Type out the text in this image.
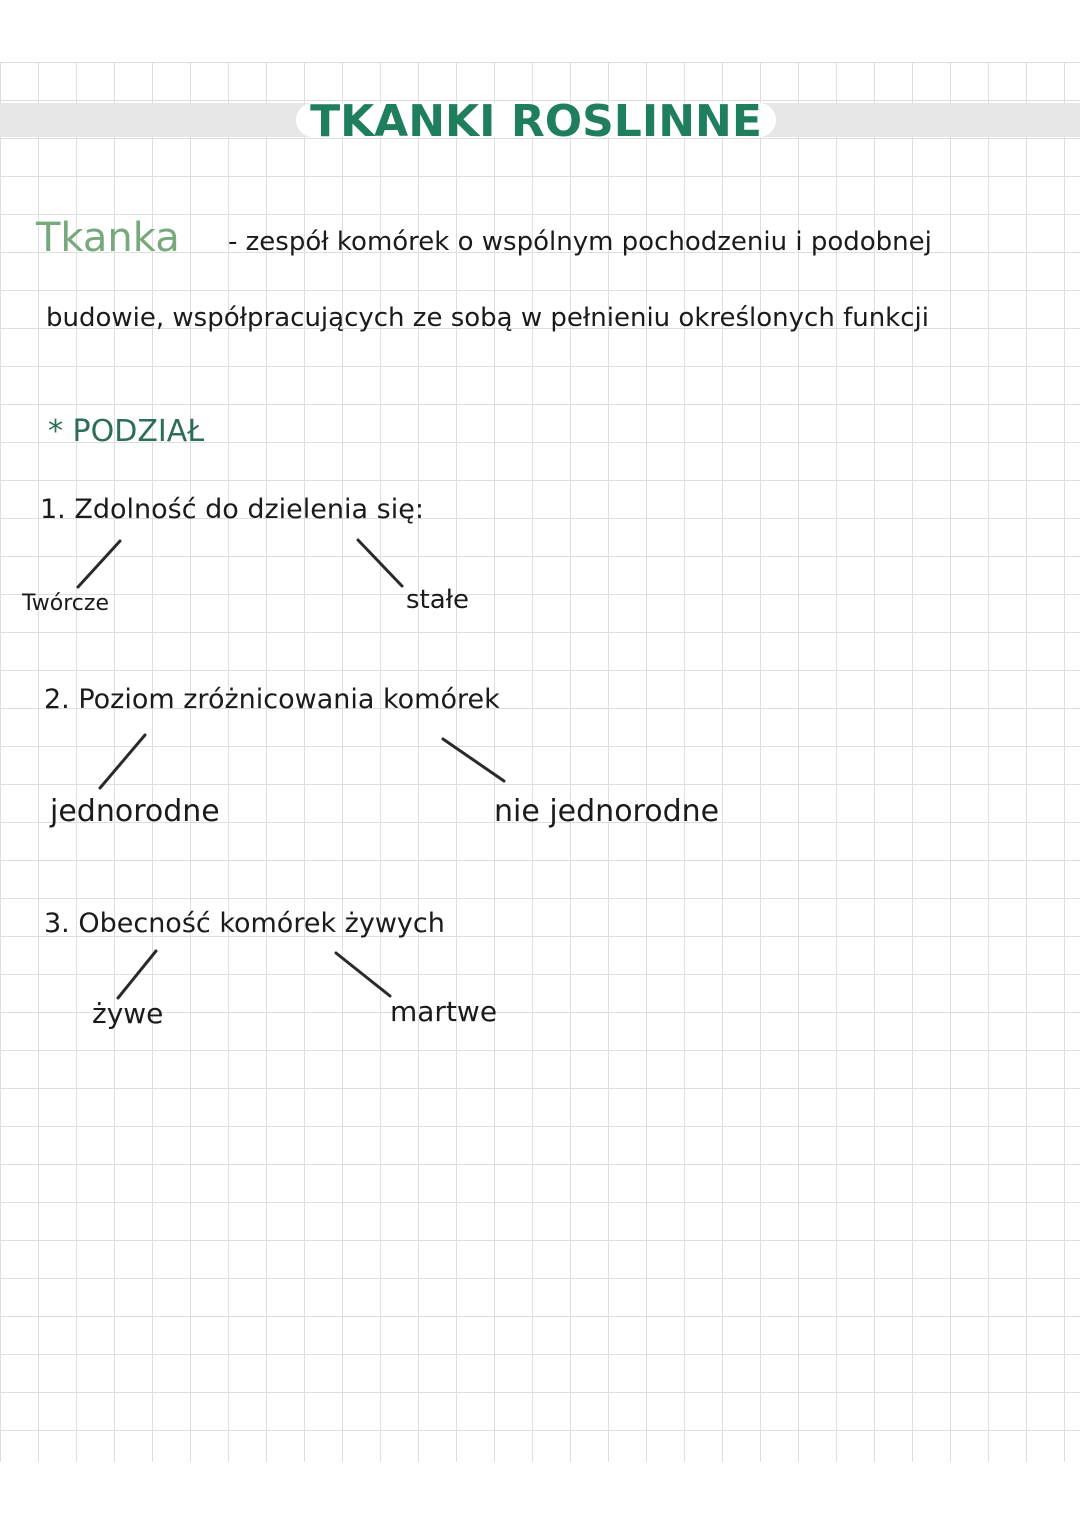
TKANKI ROSLINNE
Tkanka - zespół komórek o wspólnym pochodzeniu i podobnej
budowie, współpracujących ze sobą w pełnieniu określonych funkcji
* PODZIAŁ
1. Zdolność do dzielenia się:
Twórcze	stałe
2. Poziom zróżnicowania komórek
jednorodne	nie jednorodne
3. Obecność komórek żywych
żywe	martwe
